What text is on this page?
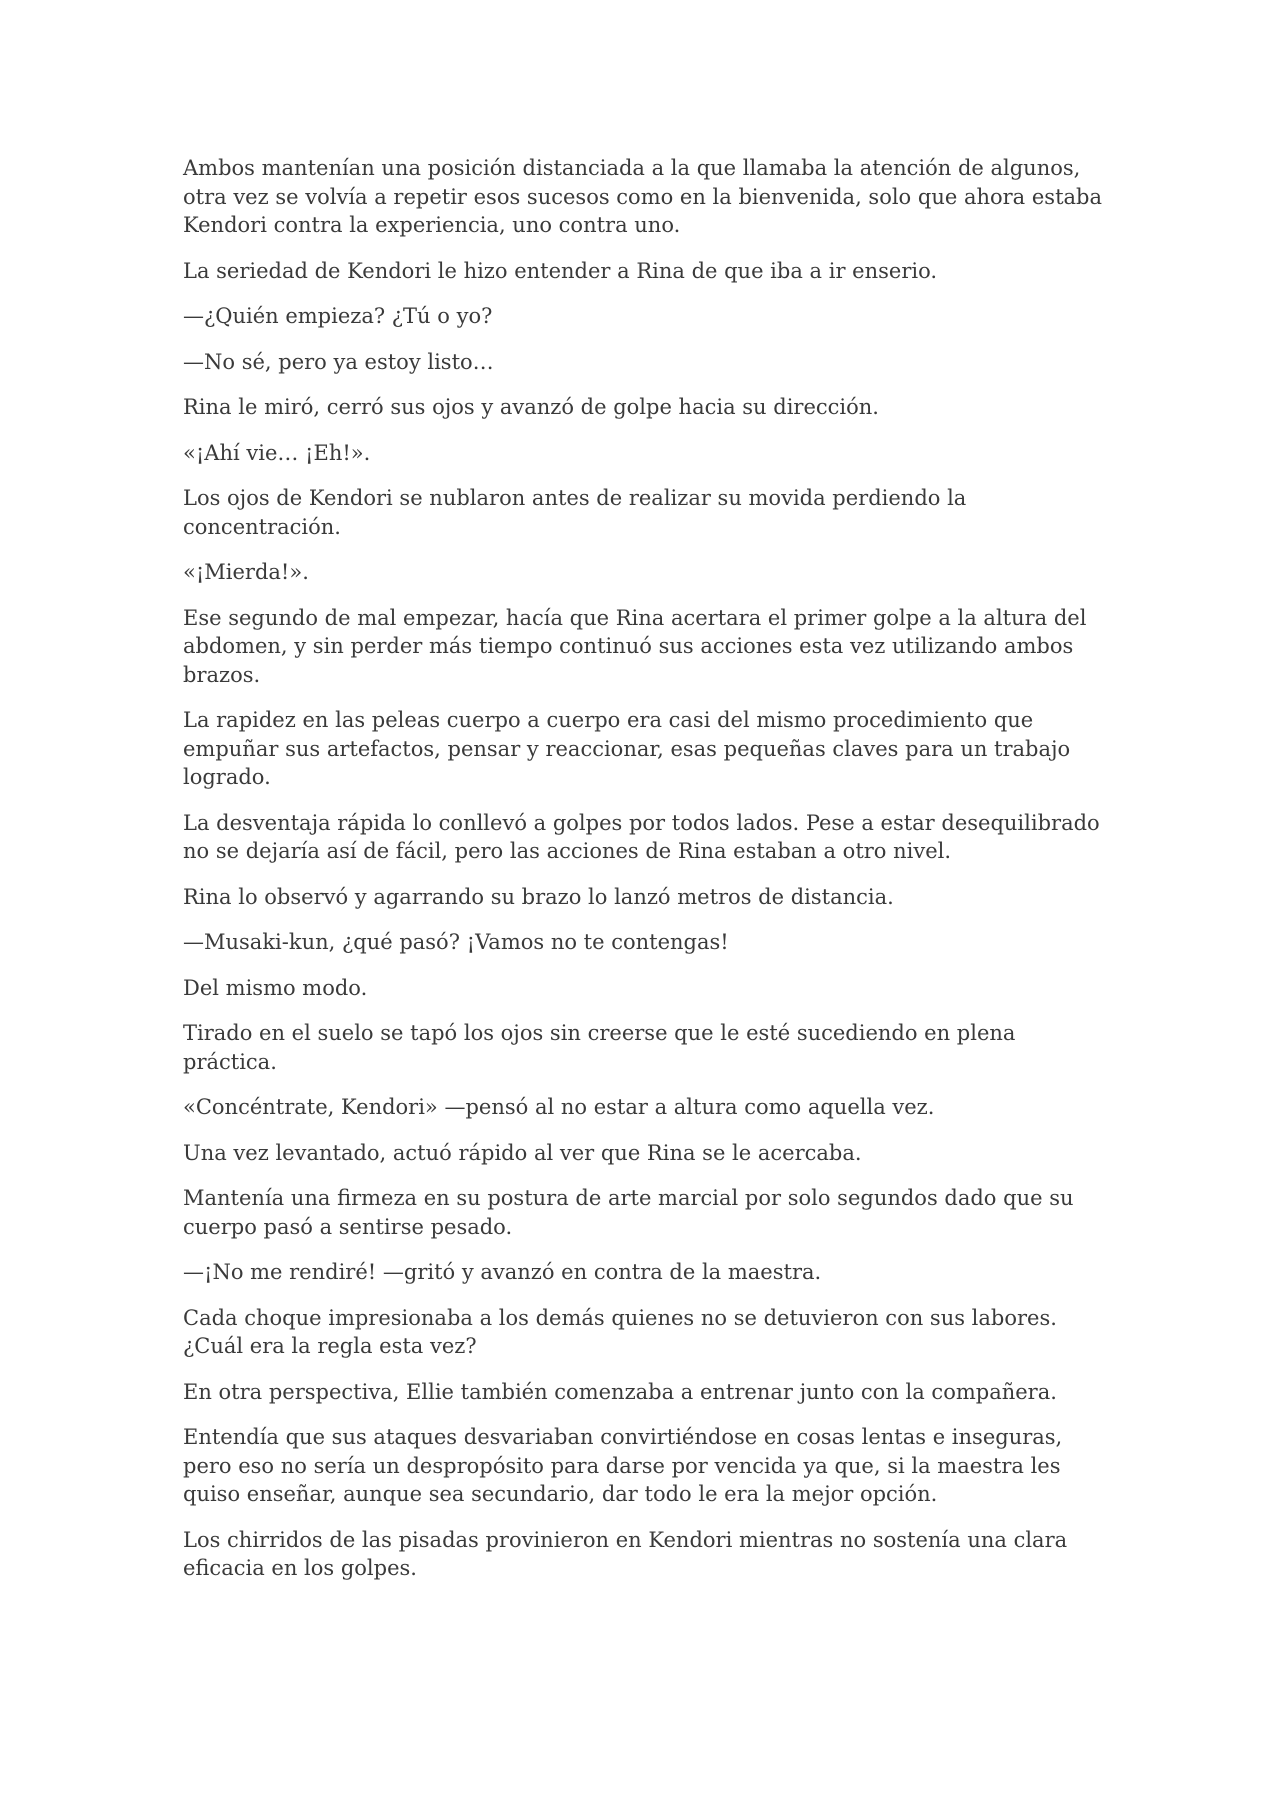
Ambos mantenían una posición distanciada a la que llamaba la atención de algunos, otra vez se volvía a repetir esos sucesos como en la bienvenida, solo que ahora estaba Kendori contra la experiencia, uno contra uno.

La seriedad de Kendori le hizo entender a Rina de que iba a ir enserio.

—¿Quién empieza? ¿Tú o yo?

—No sé, pero ya estoy listo…

Rina le miró, cerró sus ojos y avanzó de golpe hacia su dirección.

«¡Ahí vie… ¡Eh!».

Los ojos de Kendori se nublaron antes de realizar su movida perdiendo la concentración.

«¡Mierda!».

Ese segundo de mal empezar, hacía que Rina acertara el primer golpe a la altura del abdomen, y sin perder más tiempo continuó sus acciones esta vez utilizando ambos brazos.

La rapidez en las peleas cuerpo a cuerpo era casi del mismo procedimiento que empuñar sus artefactos, pensar y reaccionar, esas pequeñas claves para un trabajo logrado.

La desventaja rápida lo conllevó a golpes por todos lados. Pese a estar desequilibrado no se dejaría así de fácil, pero las acciones de Rina estaban a otro nivel.

Rina lo observó y agarrando su brazo lo lanzó metros de distancia.

—Musaki-kun, ¿qué pasó? ¡Vamos no te contengas!

Del mismo modo.

Tirado en el suelo se tapó los ojos sin creerse que le esté sucediendo en plena práctica.

«Concéntrate, Kendori» —pensó al no estar a altura como aquella vez.

Una vez levantado, actuó rápido al ver que Rina se le acercaba.

Mantenía una firmeza en su postura de arte marcial por solo segundos dado que su cuerpo pasó a sentirse pesado.

—¡No me rendiré! —gritó y avanzó en contra de la maestra.

Cada choque impresionaba a los demás quienes no se detuvieron con sus labores. ¿Cuál era la regla esta vez?

En otra perspectiva, Ellie también comenzaba a entrenar junto con la compañera.

Entendía que sus ataques desvariaban convirtiéndose en cosas lentas e inseguras, pero eso no sería un despropósito para darse por vencida ya que, si la maestra les quiso enseñar, aunque sea secundario, dar todo le era la mejor opción.

Los chirridos de las pisadas provinieron en Kendori mientras no sostenía una clara eficacia en los golpes.
